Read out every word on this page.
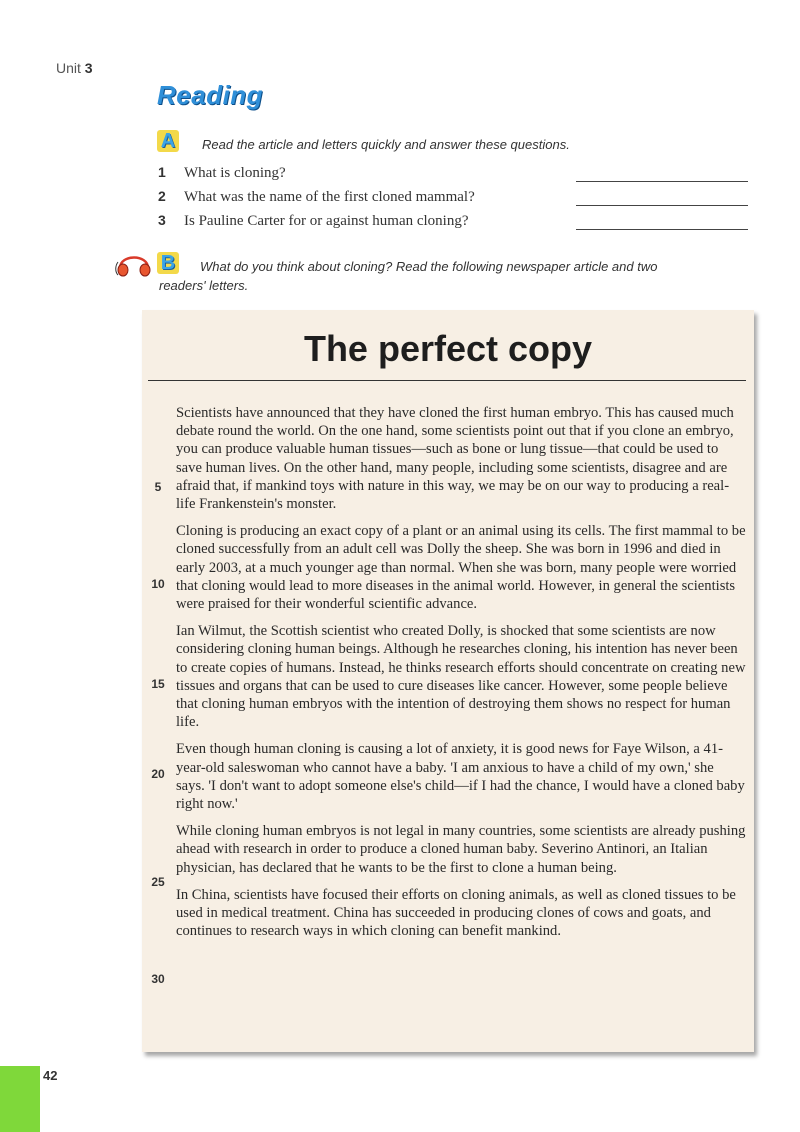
Unit 3
Reading
A Read the article and letters quickly and answer these questions.
1 What is cloning?
2 What was the name of the first cloned mammal?
3 Is Pauline Carter for or against human cloning?
B What do you think about cloning? Read the following newspaper article and two
readers' letters.
The perfect copy
5
10
15
20
25
30

Scientists have announced that they have cloned the first human embryo. This has caused much debate round the world. On the one hand, some scientists point out that if you clone an embryo, you can produce valuable human tissues—such as bone or lung tissue—that could be used to save human lives. On the other hand, many people, including some scientists, disagree and are afraid that, if mankind toys with nature in this way, we may be on our way to producing a real-life Frankenstein's monster.

Cloning is producing an exact copy of a plant or an animal using its cells. The first mammal to be cloned successfully from an adult cell was Dolly the sheep. She was born in 1996 and died in early 2003, at a much younger age than normal. When she was born, many people were worried that cloning would lead to more diseases in the animal world. However, in general the scientists were praised for their wonderful scientific advance.

Ian Wilmut, the Scottish scientist who created Dolly, is shocked that some scientists are now considering cloning human beings. Although he researches cloning, his intention has never been to create copies of humans. Instead, he thinks research efforts should concentrate on creating new tissues and organs that can be used to cure diseases like cancer. However, some people believe that cloning human embryos with the intention of destroying them shows no respect for human life.

Even though human cloning is causing a lot of anxiety, it is good news for Faye Wilson, a 41-year-old saleswoman who cannot have a baby. 'I am anxious to have a child of my own,' she says. 'I don't want to adopt someone else's child—if I had the chance, I would have a cloned baby right now.'

While cloning human embryos is not legal in many countries, some scientists are already pushing ahead with research in order to produce a cloned human baby. Severino Antinori, an Italian physician, has declared that he wants to be the first to clone a human being.

In China, scientists have focused their efforts on cloning animals, as well as cloned tissues to be used in medical treatment. China has succeeded in producing clones of cows and goats, and continues to research ways in which cloning can benefit mankind.

42
